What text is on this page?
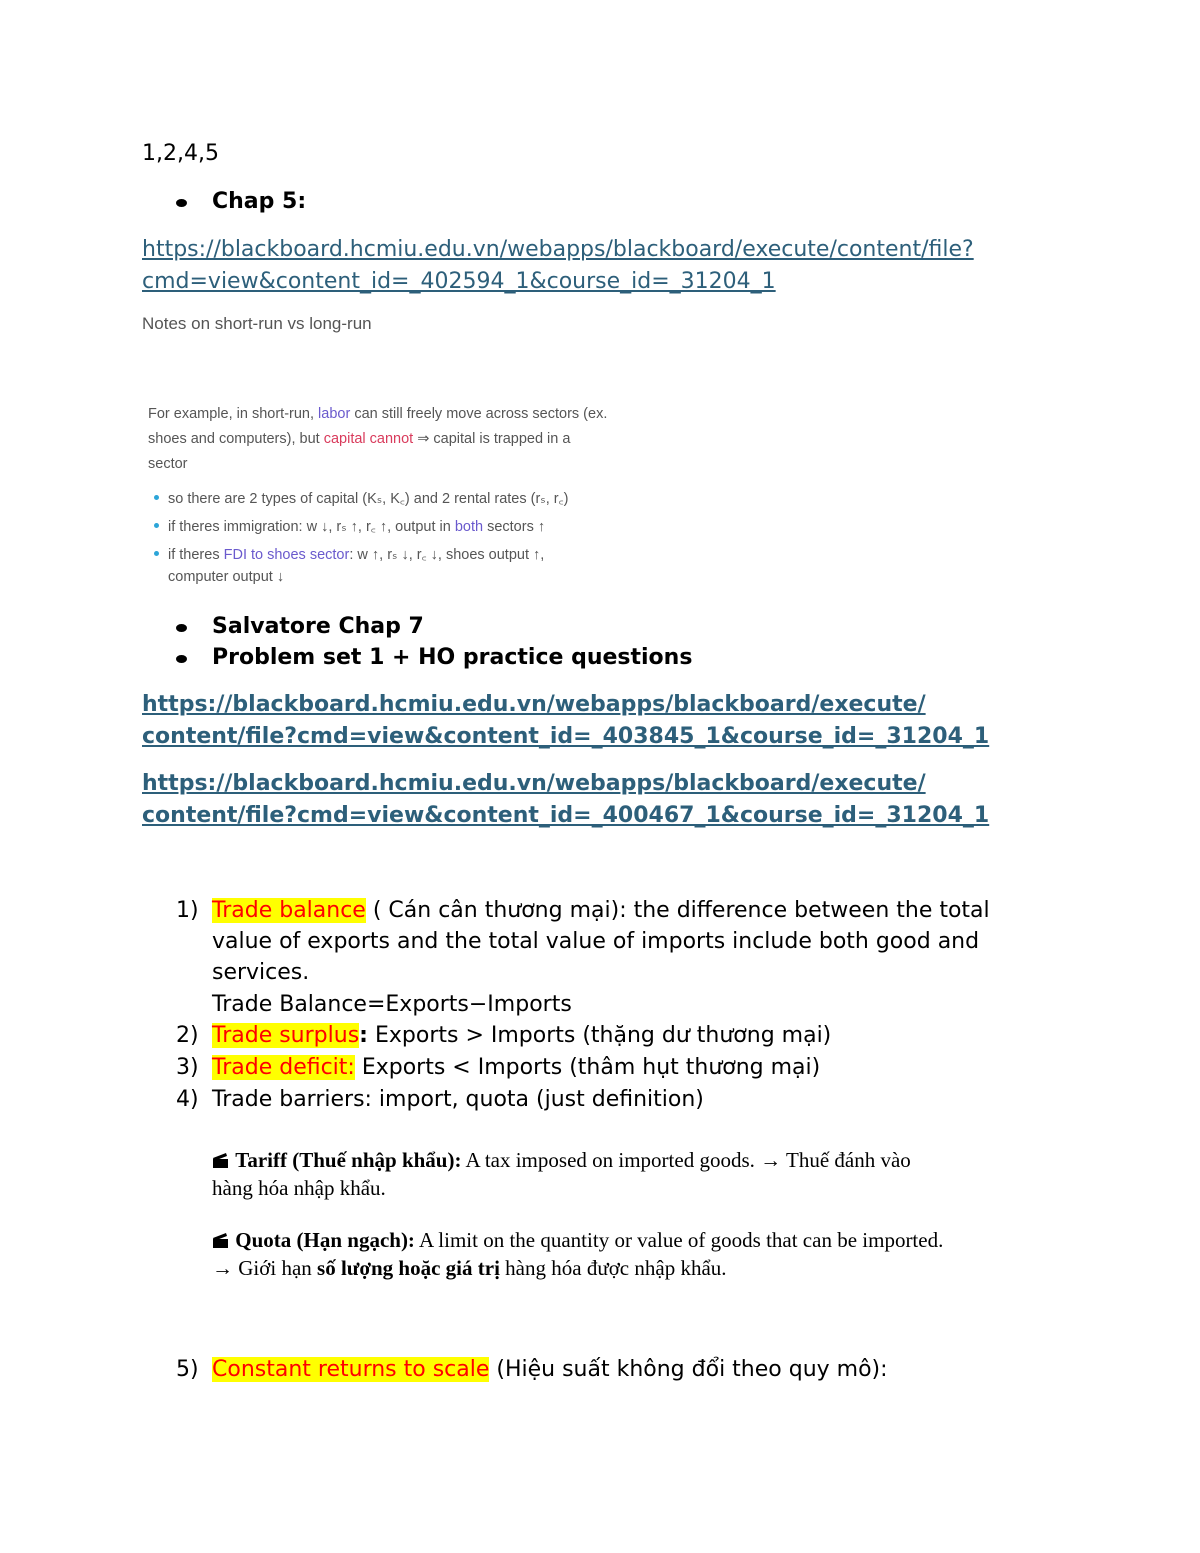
1,2,4,5
Chap 5:
https://blackboard.hcmiu.edu.vn/webapps/blackboard/execute/content/file?
cmd=view&content_id=_402594_1&course_id=_31204_1
Notes on short-run vs long-run
For example, in short-run, labor can still freely move across sectors (ex.
shoes and computers), but capital cannot ⇒ capital is trapped in a
sector
so there are 2 types of capital (Kₛ, K꜀) and 2 rental rates (rₛ, r꜀)
if theres immigration: w ↓, rₛ ↑, r꜀ ↑, output in both sectors ↑
if theres FDI to shoes sector: w ↑, rₛ ↓, r꜀ ↓, shoes output ↑,
computer output ↓
Salvatore Chap 7
Problem set 1 + HO practice questions
https://blackboard.hcmiu.edu.vn/webapps/blackboard/execute/
content/file?cmd=view&content_id=_403845_1&course_id=_31204_1
https://blackboard.hcmiu.edu.vn/webapps/blackboard/execute/
content/file?cmd=view&content_id=_400467_1&course_id=_31204_1
1) Trade balance ( Cán cân thương mại): the difference between the total
value of exports and the total value of imports include both good and
services.
Trade Balance=Exports−Imports
2) Trade surplus: Exports > Imports (thặng dư thương mại)
3) Trade deficit: Exports < Imports (thâm hụt thương mại)
4) Trade barriers: import, quota (just definition)
Tariff (Thuế nhập khẩu): A tax imposed on imported goods. → Thuế đánh vào
hàng hóa nhập khẩu.
Quota (Hạn ngạch): A limit on the quantity or value of goods that can be imported.
→ Giới hạn số lượng hoặc giá trị hàng hóa được nhập khẩu.
5) Constant returns to scale (Hiệu suất không đổi theo quy mô):
